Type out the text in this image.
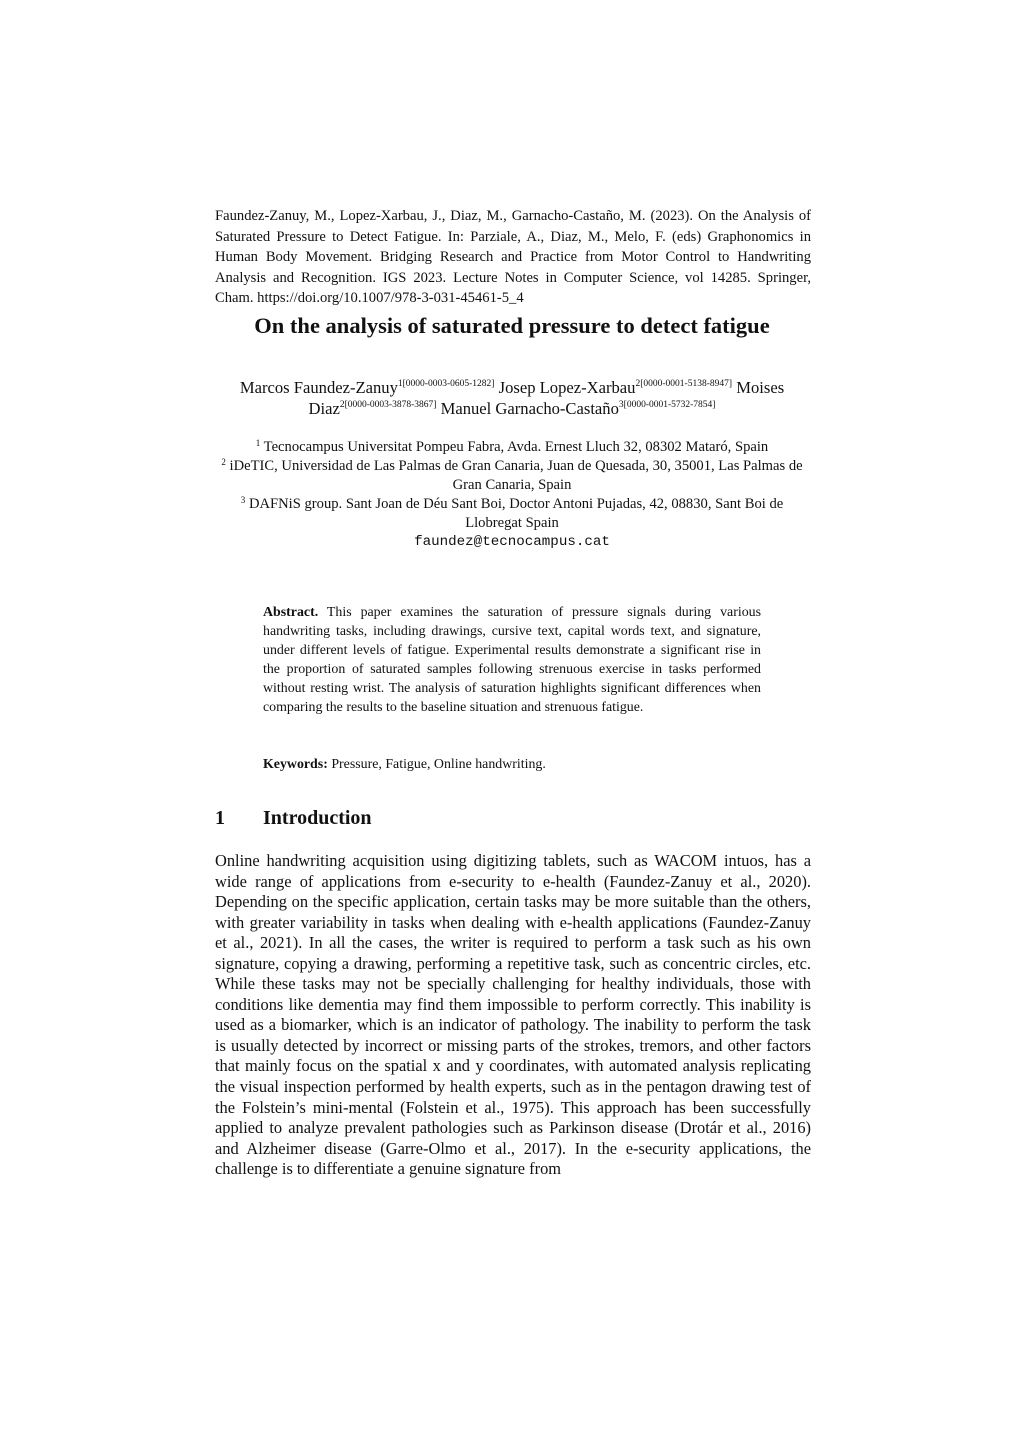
Faundez-Zanuy, M., Lopez-Xarbau, J., Diaz, M., Garnacho-Castaño, M. (2023). On the Analysis of Saturated Pressure to Detect Fatigue. In: Parziale, A., Diaz, M., Melo, F. (eds) Graphonomics in Human Body Movement. Bridging Research and Practice from Motor Control to Handwriting Analysis and Recognition. IGS 2023. Lecture Notes in Computer Science, vol 14285. Springer, Cham. https://doi.org/10.1007/978-3-031-45461-5_4

On the analysis of saturated pressure to detect fatigue

Marcos Faundez-Zanuy$^{1[0000-0003-0605-1282]}$ Josep Lopez-Xarbau$^{2[0000-0001-5138-8947]}$ Moises Diaz$^{2[0000-0003-3878-3867]}$ Manuel Garnacho-Castaño$^{3[0000-0001-5732-7854]}$

$^1$ Tecnocampus Universitat Pompeu Fabra, Avda. Ernest Lluch 32, 08302 Mataró, Spain

$^2$ iDeTIC, Universidad de Las Palmas de Gran Canaria, Juan de Quesada, 30, 35001, Las Palmas de Gran Canaria, Spain

$^3$ DAFNiS group. Sant Joan de Déu Sant Boi, Doctor Antoni Pujadas, 42, 08830, Sant Boi de Llobregat Spain

faundez@tecnocampus.cat

Abstract. This paper examines the saturation of pressure signals during various handwriting tasks, including drawings, cursive text, capital words text, and signature, under different levels of fatigue. Experimental results demonstrate a significant rise in the proportion of saturated samples following strenuous exercise in tasks performed without resting wrist. The analysis of saturation highlights significant differences when comparing the results to the baseline situation and strenuous fatigue.

Keywords: Pressure, Fatigue, Online handwriting.

1 Introduction

Online handwriting acquisition using digitizing tablets, such as WACOM intuos, has a wide range of applications from e-security to e-health (Faundez-Zanuy et al., 2020). Depending on the specific application, certain tasks may be more suitable than the others, with greater variability in tasks when dealing with e-health applications (Faundez-Zanuy et al., 2021). In all the cases, the writer is required to perform a task such as his own signature, copying a drawing, performing a repetitive task, such as concentric circles, etc. While these tasks may not be specially challenging for healthy individuals, those with conditions like dementia may find them impossible to perform correctly. This inability is used as a biomarker, which is an indicator of pathology. The inability to perform the task is usually detected by incorrect or missing parts of the strokes, tremors, and other factors that mainly focus on the spatial x and y coordinates, with automated analysis replicating the visual inspection performed by health experts, such as in the pentagon drawing test of the Folstein’s mini-mental (Folstein et al., 1975). This approach has been successfully applied to analyze prevalent pathologies such as Parkinson disease (Drotár et al., 2016) and Alzheimer disease (Garre-Olmo et al., 2017). In the e-security applications, the challenge is to differentiate a genuine signature from
